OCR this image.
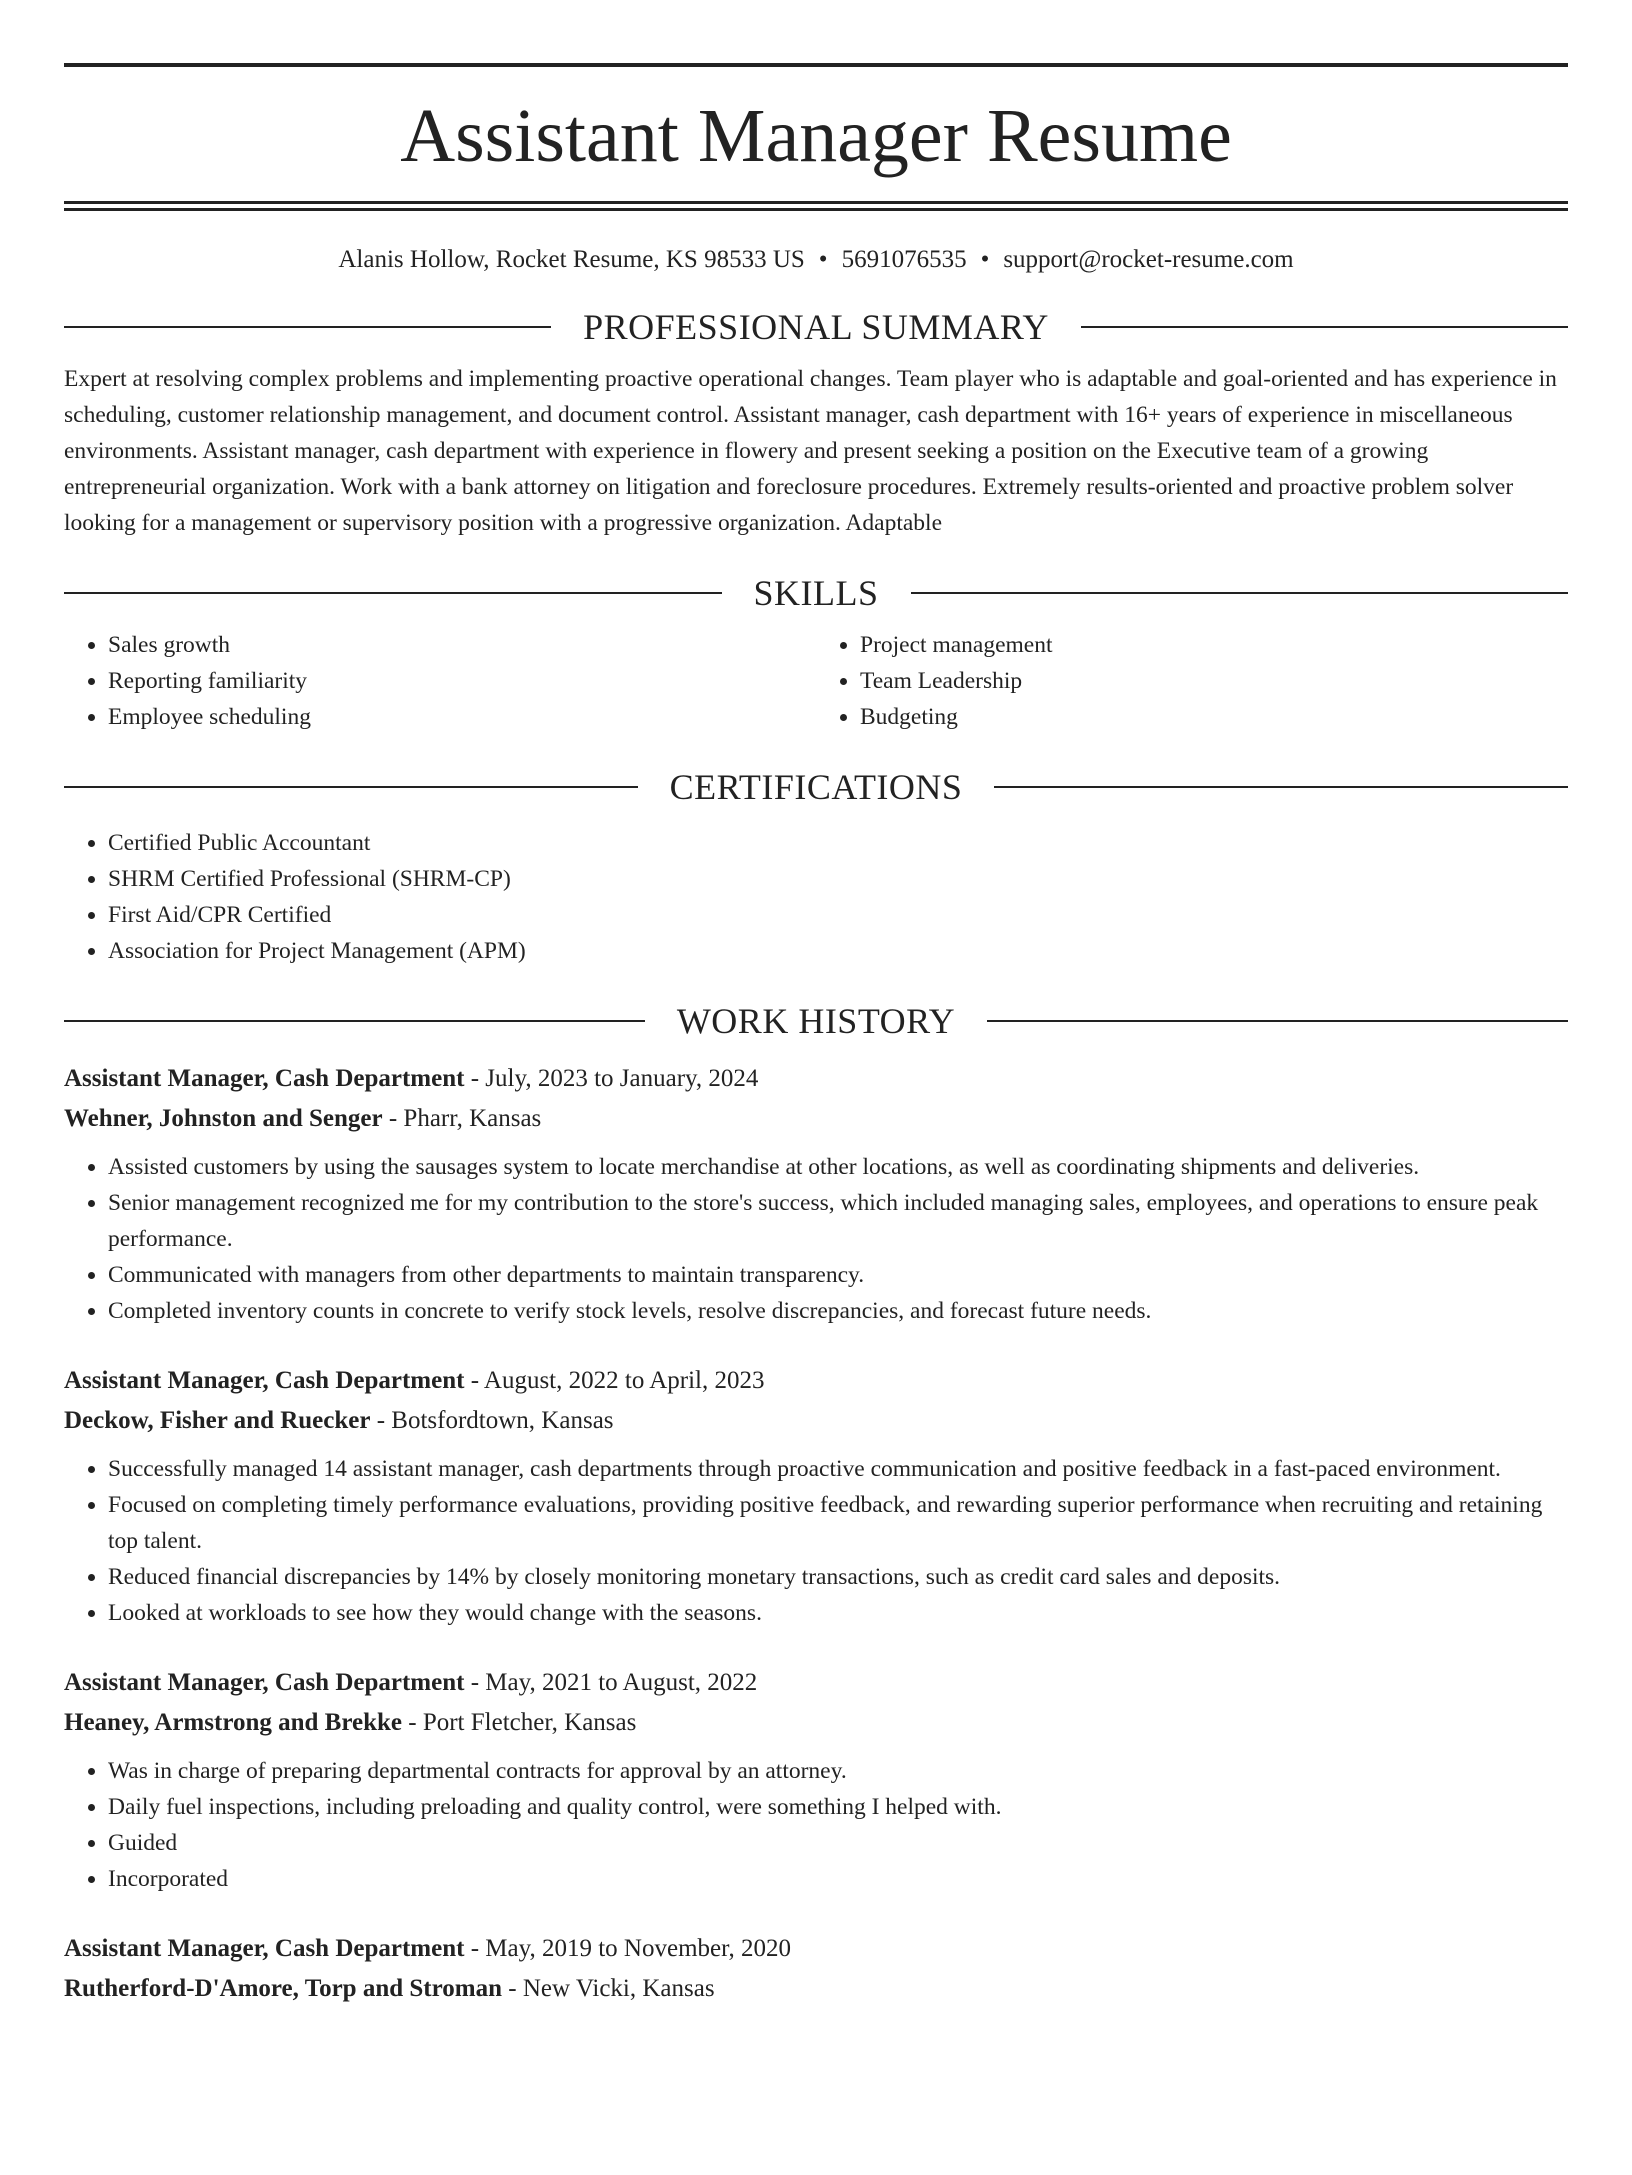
Assistant Manager Resume
Alanis Hollow, Rocket Resume, KS 98533 US • 5691076535 • support@rocket-resume.com
PROFESSIONAL SUMMARY
Expert at resolving complex problems and implementing proactive operational changes. Team player who is adaptable and goal-oriented and has experience in scheduling, customer relationship management, and document control. Assistant manager, cash department with 16+ years of experience in miscellaneous environments. Assistant manager, cash department with experience in flowery and present seeking a position on the Executive team of a growing entrepreneurial organization. Work with a bank attorney on litigation and foreclosure procedures. Extremely results-oriented and proactive problem solver looking for a management or supervisory position with a progressive organization. Adaptable
SKILLS
• Sales growth
• Reporting familiarity
• Employee scheduling
• Project management
• Team Leadership
• Budgeting
CERTIFICATIONS
• Certified Public Accountant
• SHRM Certified Professional (SHRM-CP)
• First Aid/CPR Certified
• Association for Project Management (APM)
WORK HISTORY
Assistant Manager, Cash Department - July, 2023 to January, 2024
Wehner, Johnston and Senger - Pharr, Kansas
• Assisted customers by using the sausages system to locate merchandise at other locations, as well as coordinating shipments and deliveries.
• Senior management recognized me for my contribution to the store's success, which included managing sales, employees, and operations to ensure peak performance.
• Communicated with managers from other departments to maintain transparency.
• Completed inventory counts in concrete to verify stock levels, resolve discrepancies, and forecast future needs.
Assistant Manager, Cash Department - August, 2022 to April, 2023
Deckow, Fisher and Ruecker - Botsfordtown, Kansas
• Successfully managed 14 assistant manager, cash departments through proactive communication and positive feedback in a fast-paced environment.
• Focused on completing timely performance evaluations, providing positive feedback, and rewarding superior performance when recruiting and retaining top talent.
• Reduced financial discrepancies by 14% by closely monitoring monetary transactions, such as credit card sales and deposits.
• Looked at workloads to see how they would change with the seasons.
Assistant Manager, Cash Department - May, 2021 to August, 2022
Heaney, Armstrong and Brekke - Port Fletcher, Kansas
• Was in charge of preparing departmental contracts for approval by an attorney.
• Daily fuel inspections, including preloading and quality control, were something I helped with.
• Guided
• Incorporated
Assistant Manager, Cash Department - May, 2019 to November, 2020
Rutherford-D'Amore, Torp and Stroman - New Vicki, Kansas
